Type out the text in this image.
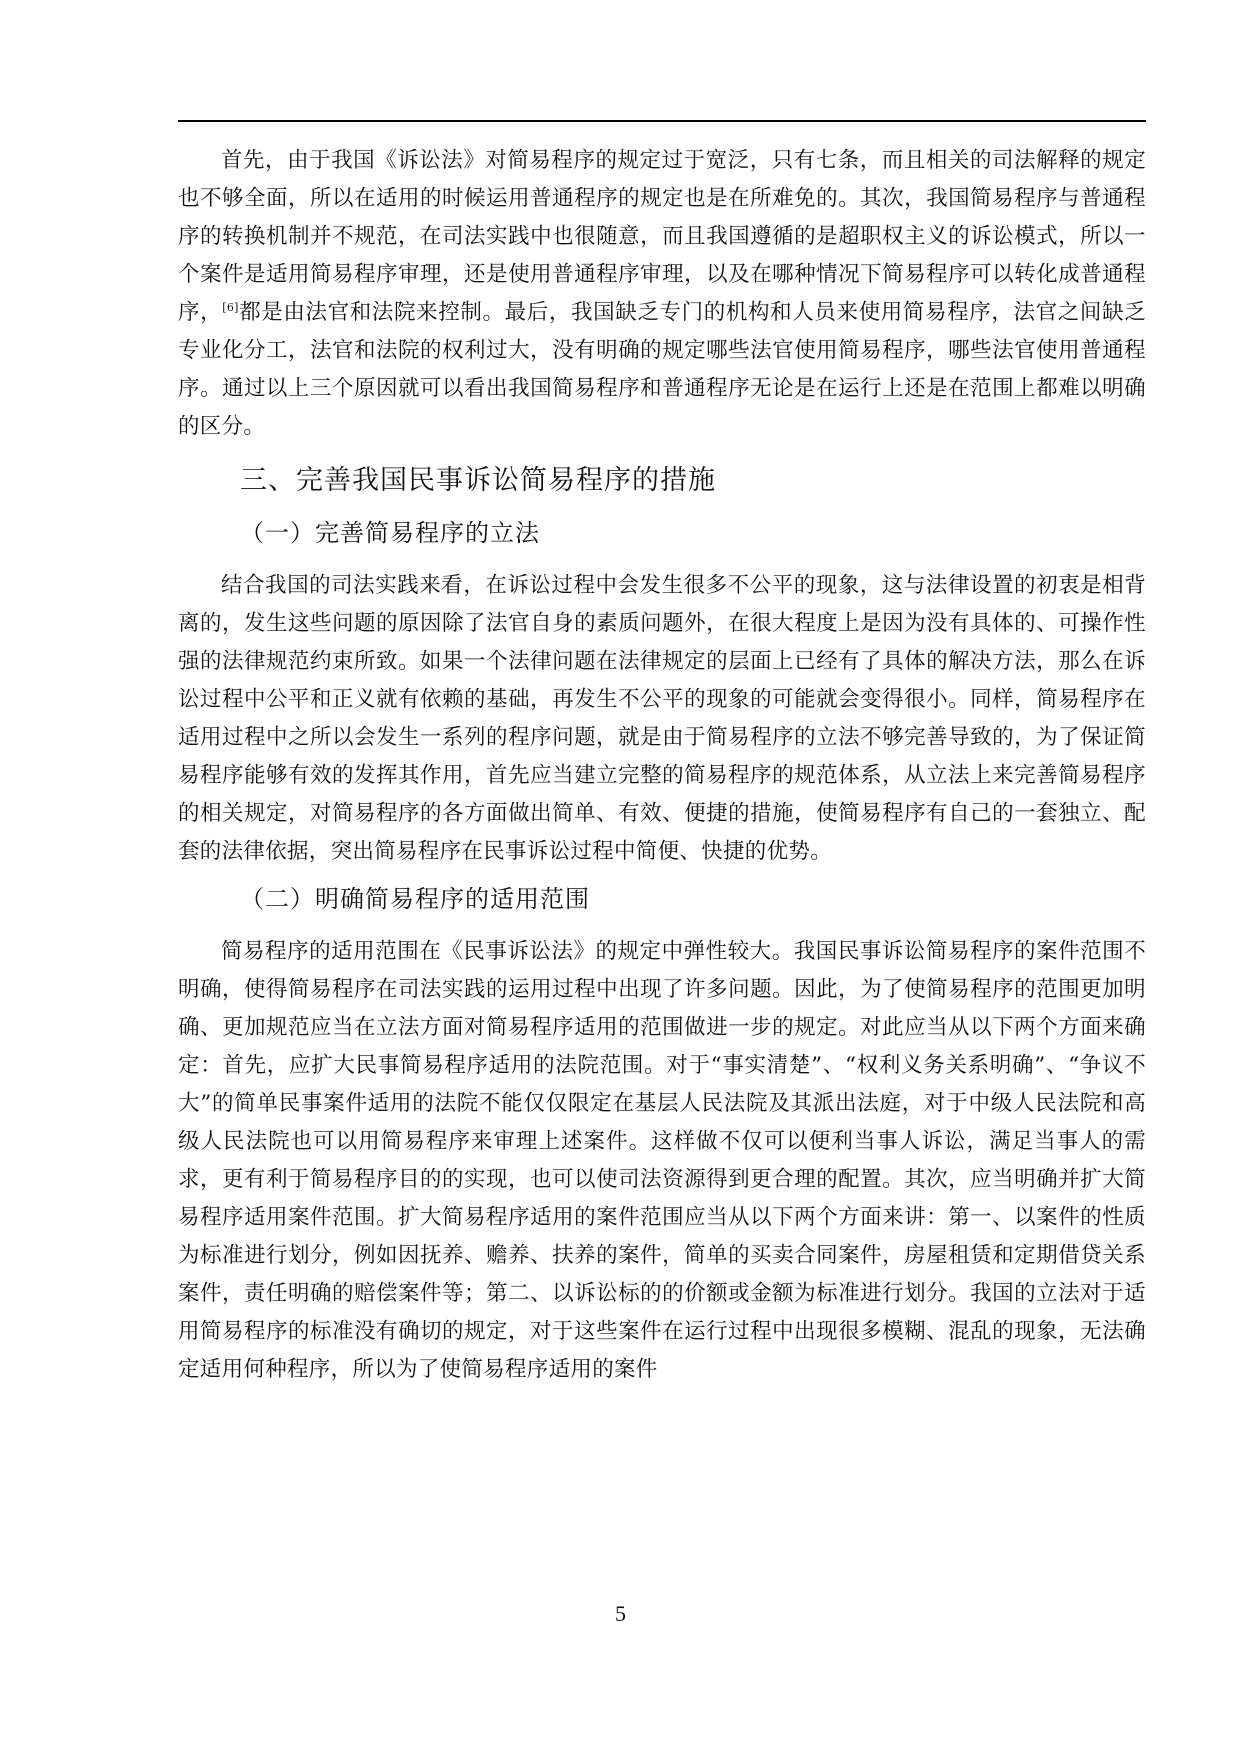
首先，由于我国《诉讼法》对简易程序的规定过于宽泛，只有七条，而且相关的司法解释的规定也不够全面，所以在适用的时候运用普通程序的规定也是在所难免的。其次，我国简易程序与普通程序的转换机制并不规范，在司法实践中也很随意，而且我国遵循的是超职权主义的诉讼模式，所以一个案件是适用简易程序审理，还是使用普通程序审理，以及在哪种情况下简易程序可以转化成普通程序，[6]都是由法官和法院来控制。最后，我国缺乏专门的机构和人员来使用简易程序，法官之间缺乏专业化分工，法官和法院的权利过大，没有明确的规定哪些法官使用简易程序，哪些法官使用普通程序。通过以上三个原因就可以看出我国简易程序和普通程序无论是在运行上还是在范围上都难以明确的区分。

三、完善我国民事诉讼简易程序的措施
（一）完善简易程序的立法

结合我国的司法实践来看，在诉讼过程中会发生很多不公平的现象，这与法律设置的初衷是相背离的，发生这些问题的原因除了法官自身的素质问题外，在很大程度上是因为没有具体的、可操作性强的法律规范约束所致。如果一个法律问题在法律规定的层面上已经有了具体的解决方法，那么在诉讼过程中公平和正义就有依赖的基础，再发生不公平的现象的可能就会变得很小。同样，简易程序在适用过程中之所以会发生一系列的程序问题，就是由于简易程序的立法不够完善导致的，为了保证简易程序能够有效的发挥其作用，首先应当建立完整的简易程序的规范体系，从立法上来完善简易程序的相关规定，对简易程序的各方面做出简单、有效、便捷的措施，使简易程序有自己的一套独立、配套的法律依据，突出简易程序在民事诉讼过程中简便、快捷的优势。

（二）明确简易程序的适用范围

简易程序的适用范围在《民事诉讼法》的规定中弹性较大。我国民事诉讼简易程序的案件范围不明确，使得简易程序在司法实践的运用过程中出现了许多问题。因此，为了使简易程序的范围更加明确、更加规范应当在立法方面对简易程序适用的范围做进一步的规定。对此应当从以下两个方面来确定：首先，应扩大民事简易程序适用的法院范围。对于“事实清楚”、“权利义务关系明确”、“争议不大”的简单民事案件适用的法院不能仅仅限定在基层人民法院及其派出法庭，对于中级人民法院和高级人民法院也可以用简易程序来审理上述案件。这样做不仅可以便利当事人诉讼，满足当事人的需求，更有利于简易程序目的的实现，也可以使司法资源得到更合理的配置。其次，应当明确并扩大简易程序适用案件范围。扩大简易程序适用的案件范围应当从以下两个方面来讲：第一、以案件的性质为标准进行划分，例如因抚养、赡养、扶养的案件，简单的买卖合同案件，房屋租赁和定期借贷关系案件，责任明确的赔偿案件等；第二、以诉讼标的的价额或金额为标准进行划分。我国的立法对于适用简易程序的标准没有确切的规定，对于这些案件在运行过程中出现很多模糊、混乱的现象，无法确定适用何种程序，所以为了使简易程序适用的案件

5
